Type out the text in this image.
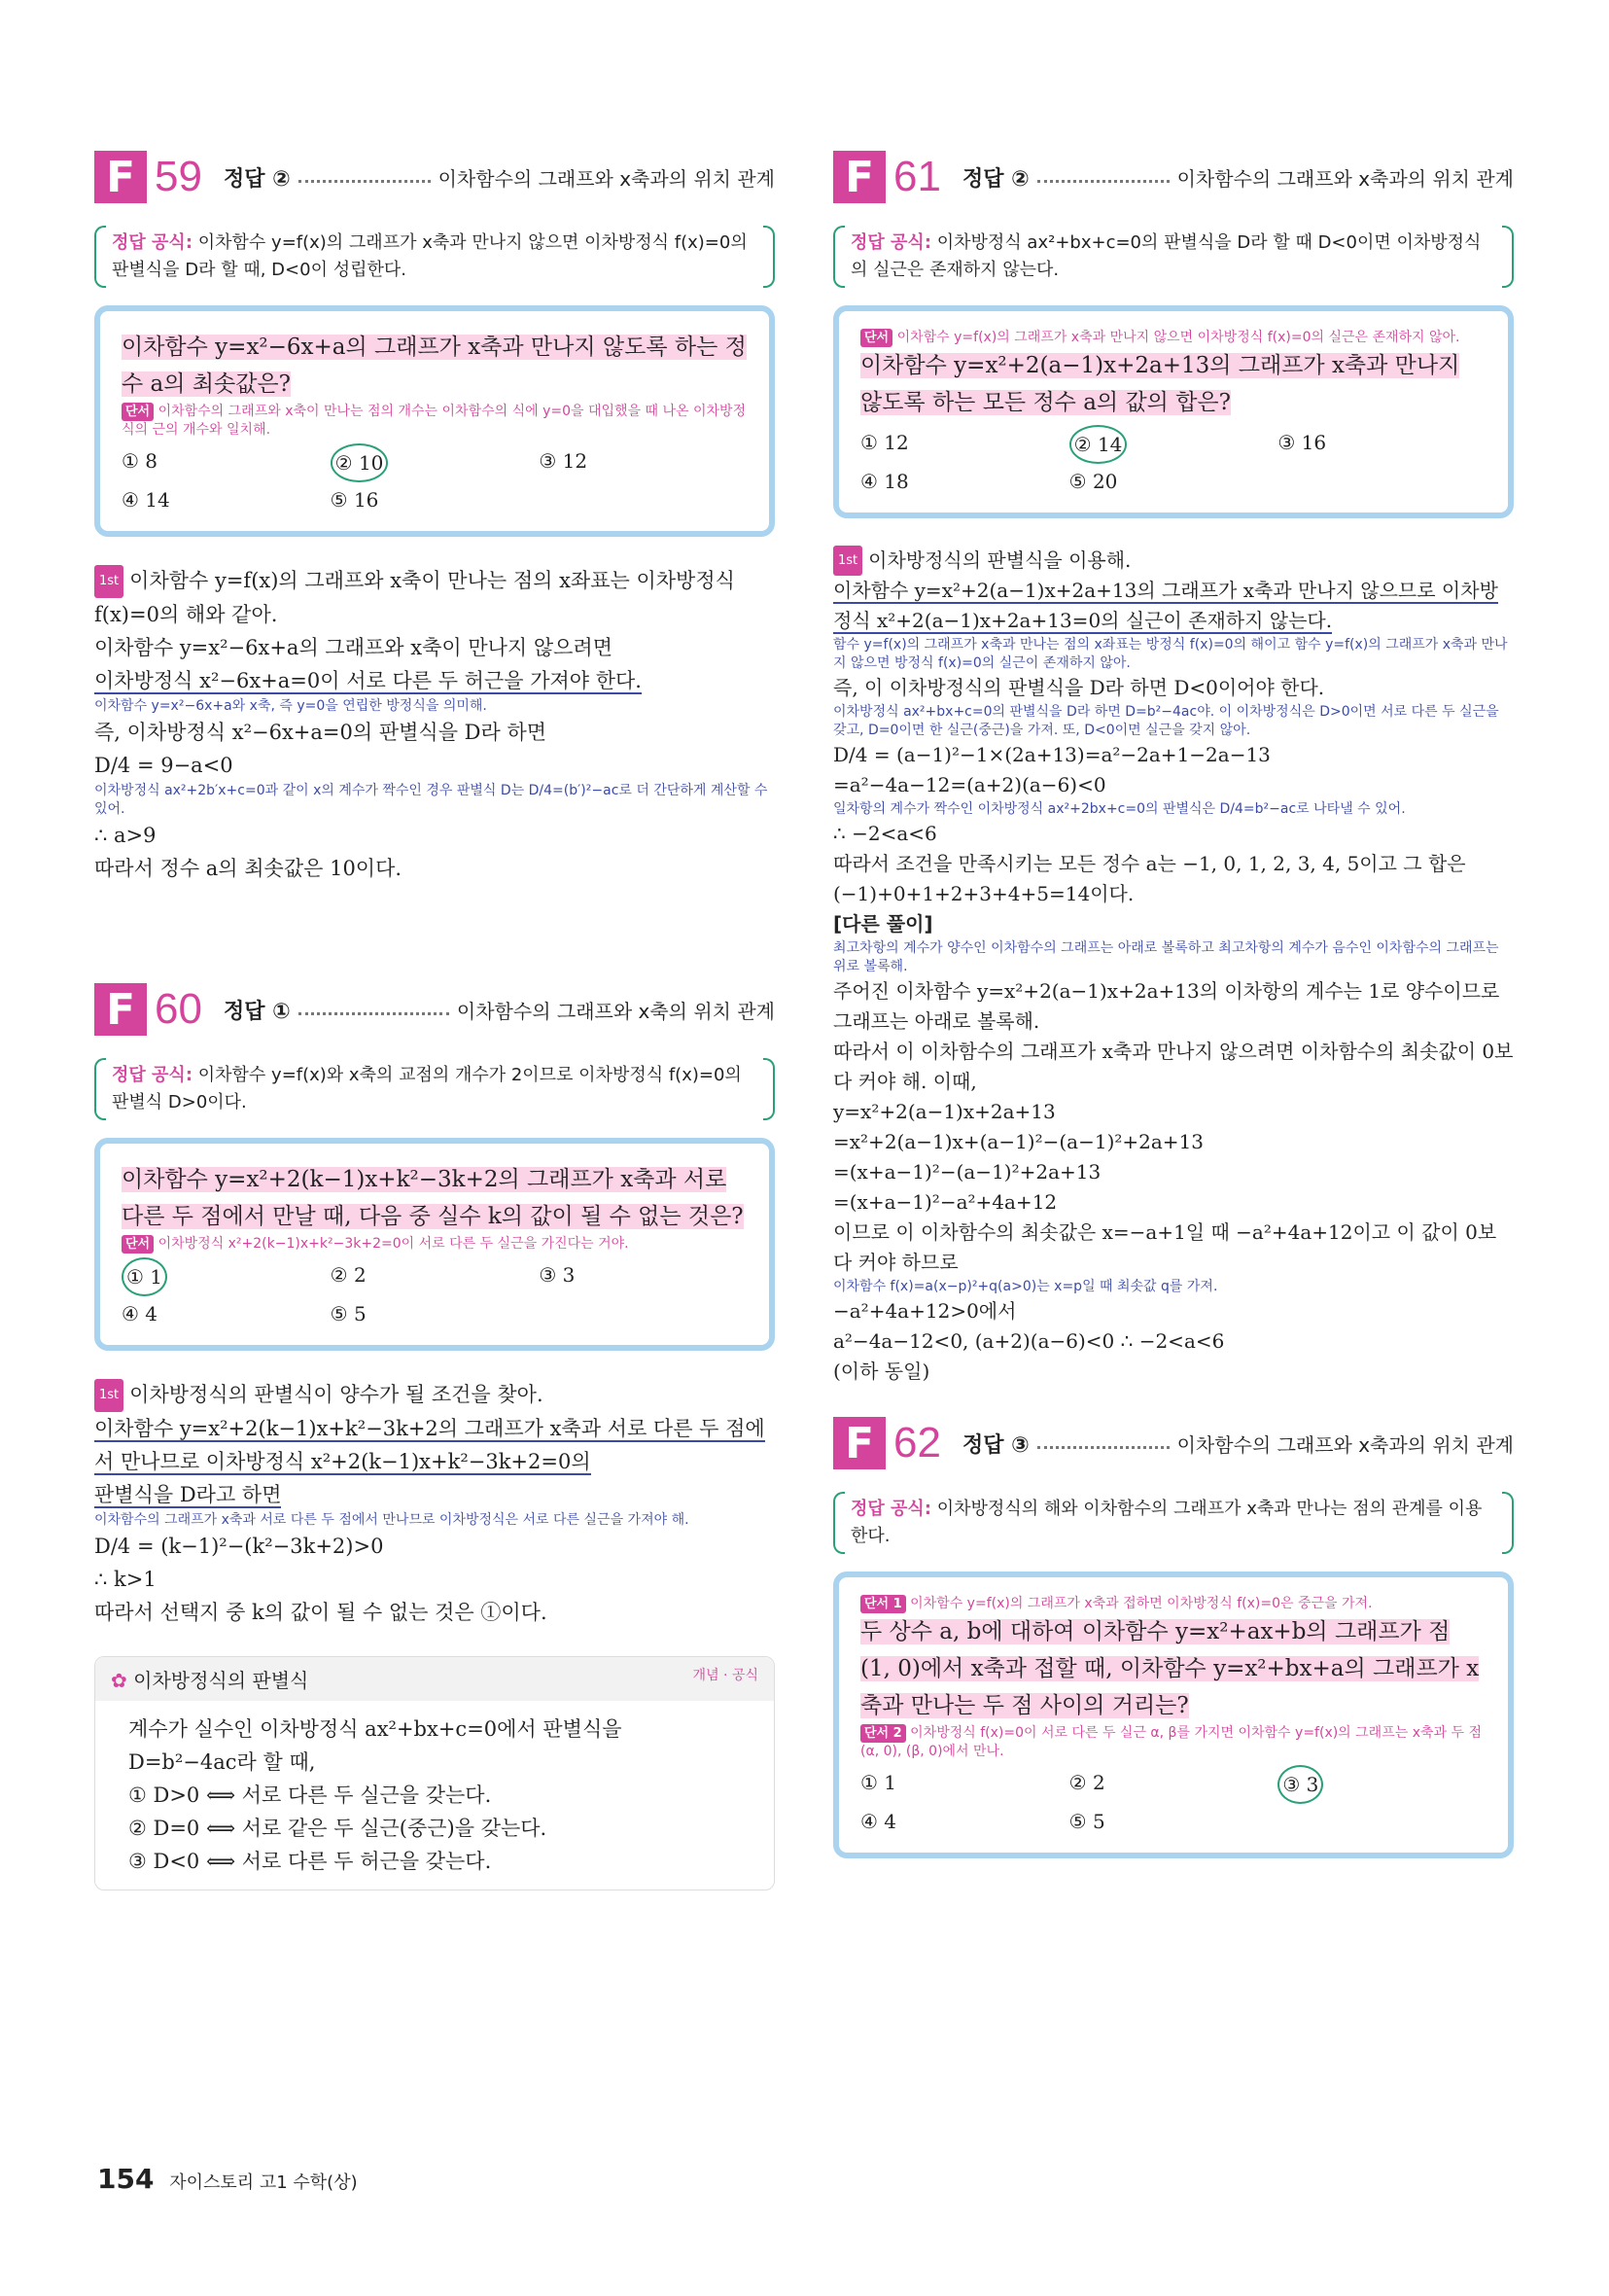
F 59 정답 ②	이차함수의 그래프와 x축과의 위치 관계
정답 공식: 이차함수 y=f(x)의 그래프가 x축과 만나지 않으면 이차방정식 f(x)=0의 판별식을 D라 할 때, D<0이 성립한다.
이차함수 y=x²−6x+a의 그래프가 x축과 만나지 않도록 하는 정수 a의 최솟값은?
단서 이차함수의 그래프와 x축이 만나는 점의 개수는 이차함수의 식에 y=0을 대입했을 때 나온 이차방정식의 근의 개수와 일치해.
① 8	② 10	③ 12
④ 14	⑤ 16
1st 이차함수 y=f(x)의 그래프와 x축이 만나는 점의 x좌표는 이차방정식 f(x)=0의 해와 같아.
이차함수 y=x²−6x+a의 그래프와 x축이 만나지 않으려면
이차방정식 x²−6x+a=0이 서로 다른 두 허근을 가져야 한다.
이차함수 y=x²−6x+a와 x축, 즉 y=0을 연립한 방정식을 의미해.
즉, 이차방정식 x²−6x+a=0의 판별식을 D라 하면
D/4 = 9−a<0
이차방정식 ax²+2b′x+c=0과 같이 x의 계수가 짝수인 경우 판별식 D는 D/4=(b′)²−ac로 더 간단하게 계산할 수 있어.
∴ a>9
따라서 정수 a의 최솟값은 10이다.
F 60 정답 ①	이차함수의 그래프와 x축의 위치 관계
정답 공식: 이차함수 y=f(x)와 x축의 교점의 개수가 2이므로 이차방정식 f(x)=0의 판별식 D>0이다.
이차함수 y=x²+2(k−1)x+k²−3k+2의 그래프가 x축과 서로 다른 두 점에서 만날 때, 다음 중 실수 k의 값이 될 수 없는 것은?
단서 이차방정식 x²+2(k−1)x+k²−3k+2=0이 서로 다른 두 실근을 가진다는 거야.
① 1	② 2	③ 3
④ 4	⑤ 5
1st 이차방정식의 판별식이 양수가 될 조건을 찾아.
이차함수 y=x²+2(k−1)x+k²−3k+2의 그래프가 x축과 서로 다른 두 점에서 만나므로 이차방정식 x²+2(k−1)x+k²−3k+2=0의
판별식을 D라고 하면
이차함수의 그래프가 x축과 서로 다른 두 점에서 만나므로 이차방정식은 서로 다른 실근을 가져야 해.
D/4 = (k−1)²−(k²−3k+2)>0
∴ k>1
따라서 선택지 중 k의 값이 될 수 없는 것은 ①이다.
✿ 이차방정식의 판별식	개념 · 공식
계수가 실수인 이차방정식 ax²+bx+c=0에서 판별식을
D=b²−4ac라 할 때,
① D>0 ⟺ 서로 다른 두 실근을 갖는다.
② D=0 ⟺ 서로 같은 두 실근(중근)을 갖는다.
③ D<0 ⟺ 서로 다른 두 허근을 갖는다.
F 61 정답 ②	이차함수의 그래프와 x축과의 위치 관계
정답 공식: 이차방정식 ax²+bx+c=0의 판별식을 D라 할 때 D<0이면 이차방정식의 실근은 존재하지 않는다.
단서 이차함수 y=f(x)의 그래프가 x축과 만나지 않으면 이차방정식 f(x)=0의 실근은 존재하지 않아.
이차함수 y=x²+2(a−1)x+2a+13의 그래프가 x축과 만나지 않도록 하는 모든 정수 a의 값의 합은?
① 12	② 14	③ 16
④ 18	⑤ 20
1st 이차방정식의 판별식을 이용해.
이차함수 y=x²+2(a−1)x+2a+13의 그래프가 x축과 만나지 않으므로 이차방정식 x²+2(a−1)x+2a+13=0의 실근이 존재하지 않는다.
함수 y=f(x)의 그래프가 x축과 만나는 점의 x좌표는 방정식 f(x)=0의 해이고 함수 y=f(x)의 그래프가 x축과 만나지 않으면 방정식 f(x)=0의 실근이 존재하지 않아.
즉, 이 이차방정식의 판별식을 D라 하면 D<0이어야 한다.
이차방정식 ax²+bx+c=0의 판별식을 D라 하면 D=b²−4ac야. 이 이차방정식은 D>0이면 서로 다른 두 실근을 갖고, D=0이면 한 실근(중근)을 가져. 또, D<0이면 실근을 갖지 않아.
D/4 = (a−1)²−1×(2a+13)=a²−2a+1−2a−13
=a²−4a−12=(a+2)(a−6)<0
일차항의 계수가 짝수인 이차방정식 ax²+2bx+c=0의 판별식은 D/4=b²−ac로 나타낼 수 있어.
∴ −2<a<6
따라서 조건을 만족시키는 모든 정수 a는 −1, 0, 1, 2, 3, 4, 5이고 그 합은 (−1)+0+1+2+3+4+5=14이다.
[다른 풀이]
최고차항의 계수가 양수인 이차함수의 그래프는 아래로 볼록하고 최고차항의 계수가 음수인 이차함수의 그래프는 위로 볼록해.
주어진 이차함수 y=x²+2(a−1)x+2a+13의 이차항의 계수는 1로 양수이므로 그래프는 아래로 볼록해.
따라서 이 이차함수의 그래프가 x축과 만나지 않으려면 이차함수의 최솟값이 0보다 커야 해. 이때,
y=x²+2(a−1)x+2a+13
=x²+2(a−1)x+(a−1)²−(a−1)²+2a+13
=(x+a−1)²−(a−1)²+2a+13
=(x+a−1)²−a²+4a+12
이므로 이 이차함수의 최솟값은 x=−a+1일 때 −a²+4a+12이고 이 값이 0보다 커야 하므로
이차함수 f(x)=a(x−p)²+q(a>0)는 x=p일 때 최솟값 q를 가져.
−a²+4a+12>0에서
a²−4a−12<0, (a+2)(a−6)<0 ∴ −2<a<6
(이하 동일)
F 62 정답 ③	이차함수의 그래프와 x축과의 위치 관계
정답 공식: 이차방정식의 해와 이차함수의 그래프가 x축과 만나는 점의 관계를 이용한다.
단서 1 이차함수 y=f(x)의 그래프가 x축과 접하면 이차방정식 f(x)=0은 중근을 가져.
두 상수 a, b에 대하여 이차함수 y=x²+ax+b의 그래프가 점 (1, 0)에서 x축과 접할 때, 이차함수 y=x²+bx+a의 그래프가 x축과 만나는 두 점 사이의 거리는?
단서 2 이차방정식 f(x)=0이 서로 다른 두 실근 α, β를 가지면 이차함수 y=f(x)의 그래프는 x축과 두 점 (α, 0), (β, 0)에서 만나.
① 1	② 2	③ 3
④ 4	⑤ 5
154 자이스토리 고1 수학(상)
